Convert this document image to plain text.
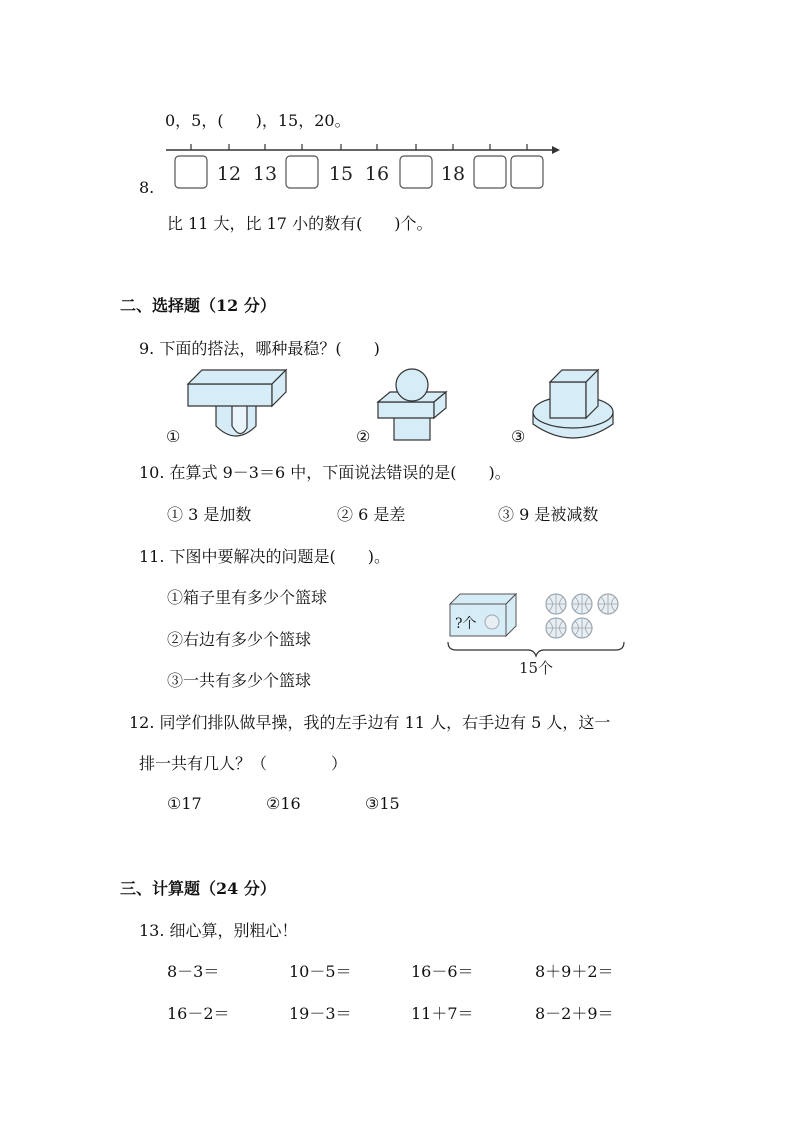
0，5，(　　)，15，20。
12 13	15 16	18
8.
比 11 大，比 17 小的数有(　　)个。
二、选择题（12 分）
9. 下面的搭法，哪种最稳？(　　)
①	②	③
10. 在算式 9－3＝6 中，下面说法错误的是(　　)。
① 3 是加数	② 6 是差	③ 9 是被减数
11. 下图中要解决的问题是(　　)。
①箱子里有多少个篮球
②右边有多少个篮球
③一共有多少个篮球
?个
15个
12. 同学们排队做早操，我的左手边有 11 人，右手边有 5 人，这一
排一共有几人？（　　　　）
①17	②16	③15
三、计算题（24 分）
13. 细心算，别粗心！
8－3＝	10－5＝	16－6＝	8＋9＋2＝
16－2＝	19－3＝	11＋7＝	8－2＋9＝
